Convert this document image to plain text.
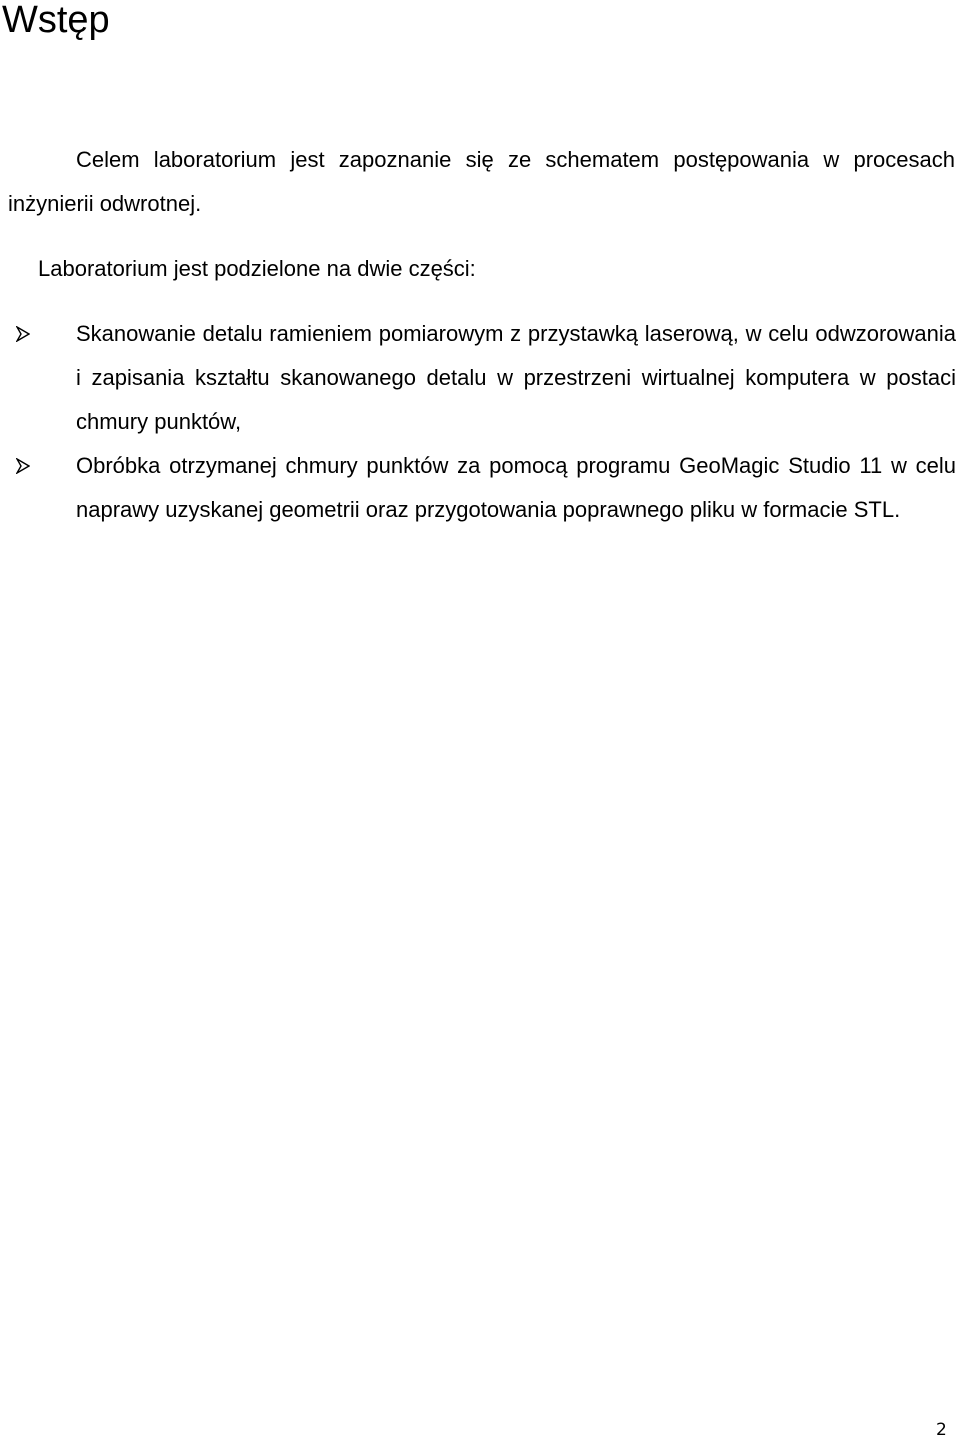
Wstęp

Celem laboratorium jest zapoznanie się ze schematem postępowania w procesach inżynierii odwrotnej.

Laboratorium jest podzielone na dwie części:

Skanowanie detalu ramieniem pomiarowym z przystawką laserową, w celu odwzorowania i zapisania kształtu skanowanego detalu w przestrzeni wirtualnej komputera w postaci chmury punktów,
Obróbka otrzymanej chmury punktów za pomocą programu GeoMagic Studio 11 w celu naprawy uzyskanej geometrii oraz przygotowania poprawnego pliku w formacie STL.
2
